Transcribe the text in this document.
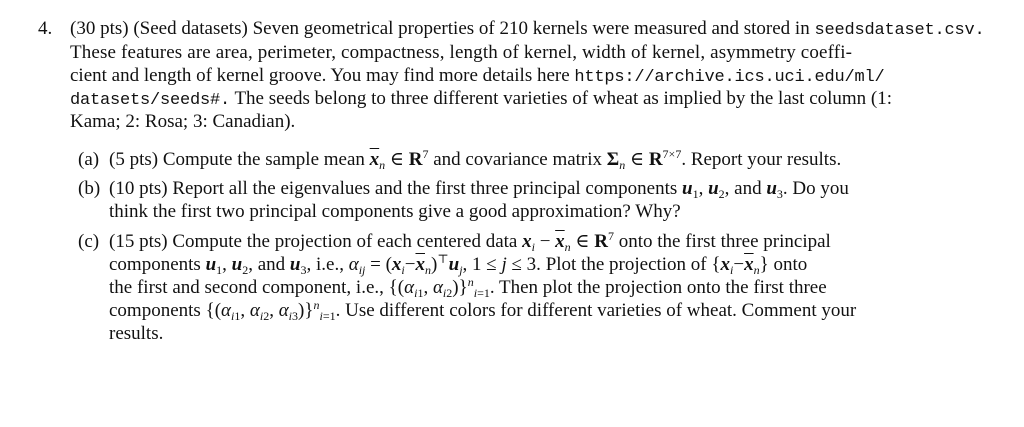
4. (30 pts) (Seed datasets) Seven geometrical properties of 210 kernels were measured and stored in seedsdataset.csv.
These features are area, perimeter, compactness, length of kernel, width of kernel, asymmetry coeffi-
cient and length of kernel groove. You may find more details here https://archive.ics.uci.edu/ml/
datasets/seeds#. The seeds belong to three different varieties of wheat as implied by the last column (1:
Kama; 2: Rosa; 3: Canadian).
(a) (5 pts) Compute the sample mean $\overline{x}_n$ ∈ $R^7$ and covariance matrix $\Sigma_n$ ∈ $R^{7\times 7}$. Report your results.
(b) (10 pts) Report all the eigenvalues and the first three principal components $u_1$, $u_2$, and $u_3$. Do you
think the first two principal components give a good approximation? Why?
(c) (15 pts) Compute the projection of each centered data $x_i - \overline{x}_n$ ∈ $R^7$ onto the first three principal
components $u_1$, $u_2$, and $u_3$, i.e., $\alpha_{ij} = (x_i-\overline{x}_n)^⊤u_j$, 1 ≤ j ≤ 3. Plot the projection of $\{x_i-\overline{x}_n\}$ onto
the first and second component, i.e., {($\alpha_{i1}$, $\alpha_{i2})\}^n_{i=1}$. Then plot the projection onto the first three
components {($\alpha_{i1}$, $\alpha_{i2}$, $\alpha_{i3})\}^n_{i=1}$. Use different colors for different varieties of wheat. Comment your
results.
